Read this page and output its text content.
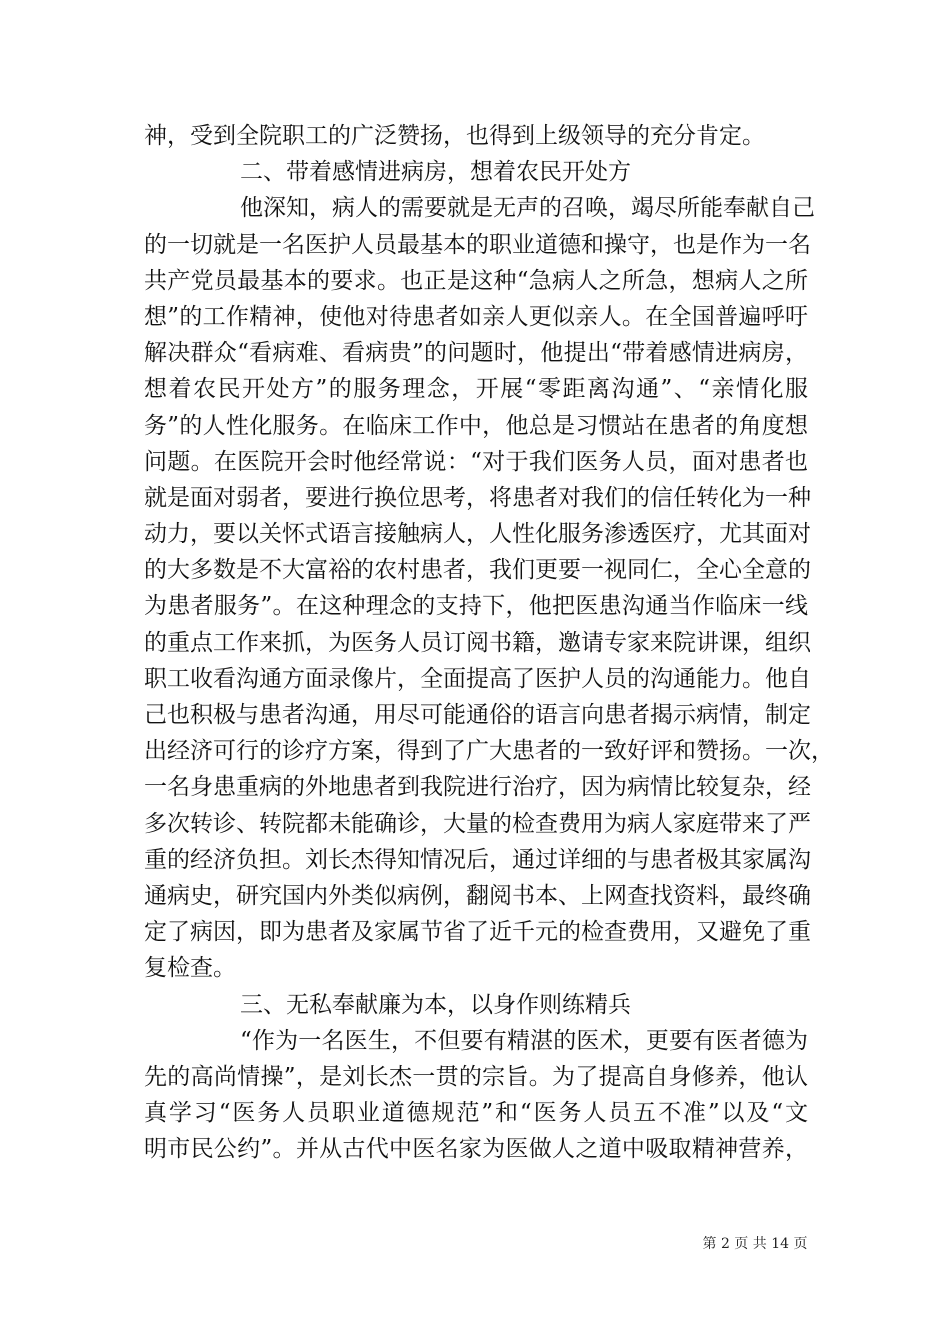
神，受到全院职工的广泛赞扬，也得到上级领导的充分肯定。
二、带着感情进病房，想着农民开处方
他深知，病人的需要就是无声的召唤，竭尽所能奉献自己
的一切就是一名医护人员最基本的职业道德和操守，也是作为一名
共产党员最基本的要求。也正是这种“急病人之所急，想病人之所
想”的工作精神，使他对待患者如亲人更似亲人。在全国普遍呼吁
解决群众“看病难、看病贵”的问题时，他提出“带着感情进病房，
想着农民开处方”的服务理念，开展“零距离沟通”、“亲情化服
务”的人性化服务。在临床工作中，他总是习惯站在患者的角度想
问题。在医院开会时他经常说：“对于我们医务人员，面对患者也
就是面对弱者，要进行换位思考，将患者对我们的信任转化为一种
动力，要以关怀式语言接触病人，人性化服务渗透医疗，尤其面对
的大多数是不大富裕的农村患者，我们更要一视同仁，全心全意的
为患者服务”。在这种理念的支持下，他把医患沟通当作临床一线
的重点工作来抓，为医务人员订阅书籍，邀请专家来院讲课，组织
职工收看沟通方面录像片，全面提高了医护人员的沟通能力。他自
己也积极与患者沟通，用尽可能通俗的语言向患者揭示病情，制定
出经济可行的诊疗方案，得到了广大患者的一致好评和赞扬。一次，
一名身患重病的外地患者到我院进行治疗，因为病情比较复杂，经
多次转诊、转院都未能确诊，大量的检查费用为病人家庭带来了严
重的经济负担。刘长杰得知情况后，通过详细的与患者极其家属沟
通病史，研究国内外类似病例，翻阅书本、上网查找资料，最终确
定了病因，即为患者及家属节省了近千元的检查费用，又避免了重
复检查。
三、无私奉献廉为本，以身作则练精兵
“作为一名医生，不但要有精湛的医术，更要有医者德为
先的高尚情操”，是刘长杰一贯的宗旨。为了提高自身修养，他认
真学习“医务人员职业道德规范”和“医务人员五不准”以及“文
明市民公约”。并从古代中医名家为医做人之道中吸取精神营养，
第 2 页 共 14 页
